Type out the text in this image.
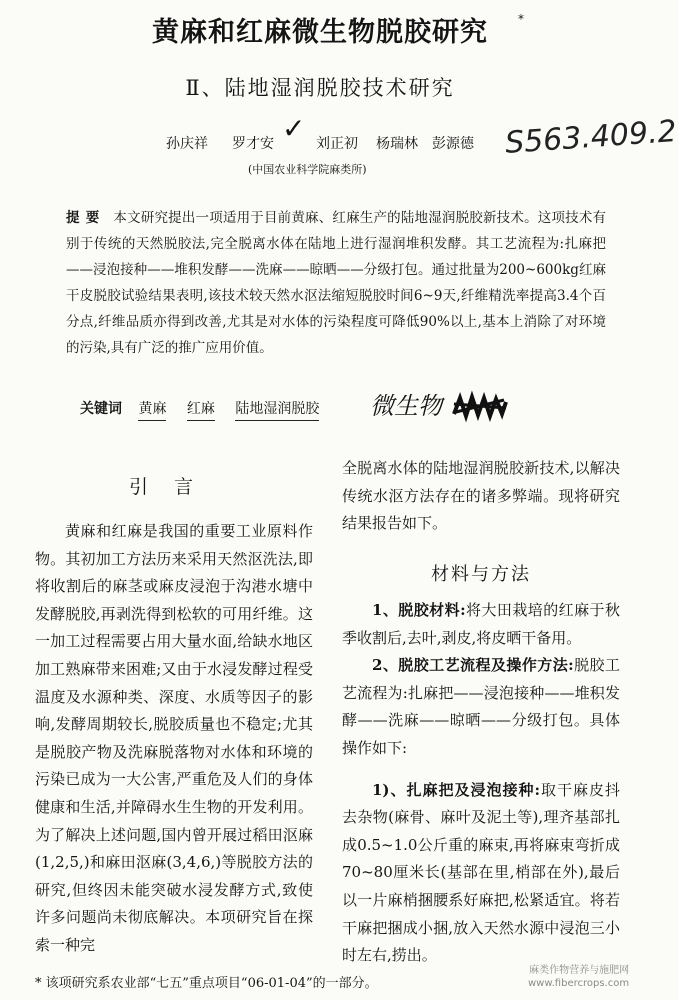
黄麻和红麻微生物脱胶研究	*
Ⅱ、陆地湿润脱胶技术研究
孙庆祥 罗才安	刘正初 杨瑞林 彭源德
(中国农业科学院麻类所)
✓	S563.409.2
提要 本文研究提出一项适用于目前黄麻、红麻生产的陆地湿润脱胶新技术。这项技术有别于传统的天然脱胶法,完全脱离水体在陆地上进行湿润堆积发酵。其工艺流程为:扎麻把——浸泡接种——堆积发酵——洗麻——晾晒——分级打包。通过批量为200~600kg红麻干皮脱胶试验结果表明,该技术较天然水沤法缩短脱胶时间6~9天,纤维精洗率提高3.4个百分点,纤维品质亦得到改善,尤其是对水体的污染程度可降低90%以上,基本上消除了对环境的污染,具有广泛的推广应用价值。
关键词 黄麻 红麻 陆地湿润脱胶	微生物
引言

黄麻和红麻是我国的重要工业原料作物。其初加工方法历来采用天然沤洗法,即将收割后的麻茎或麻皮浸泡于沟港水塘中发酵脱胶,再剥洗得到松软的可用纤维。这一加工过程需要占用大量水面,给缺水地区加工熟麻带来困难;又由于水浸发酵过程受温度及水源种类、深度、水质等因子的影响,发酵周期较长,脱胶质量也不稳定;尤其是脱胶产物及洗麻脱落物对水体和环境的污染已成为一大公害,严重危及人们的身体健康和生活,并障碍水生生物的开发利用。为了解决上述问题,国内曾开展过稻田沤麻(1,2,5,)和麻田沤麻(3,4,6,)等脱胶方法的研究,但终因未能突破水浸发酵方式,致使许多问题尚未彻底解决。本项研究旨在探索一种完

全脱离水体的陆地湿润脱胶新技术,以解决传统水沤方法存在的诸多弊端。现将研究结果报告如下。

材料与方法

1、脱胶材料:将大田栽培的红麻于秋季收割后,去叶,剥皮,将皮晒干备用。

2、脱胶工艺流程及操作方法:脱胶工艺流程为:扎麻把——浸泡接种——堆积发酵——洗麻——晾晒——分级打包。具体操作如下:

1)、扎麻把及浸泡接种:取干麻皮抖去杂物(麻骨、麻叶及泥土等),理齐基部扎成0.5~1.0公斤重的麻束,再将麻束弯折成70~80厘米长(基部在里,梢部在外),最后以一片麻梢捆腰系好麻把,松紧适宜。将若干麻把捆成小捆,放入天然水源中浸泡三小时左右,捞出。

* 该项研究系农业部“七五”重点项目“06-01-04”的一部分。
麻类作物营养与施肥网
www.fibercrops.com
